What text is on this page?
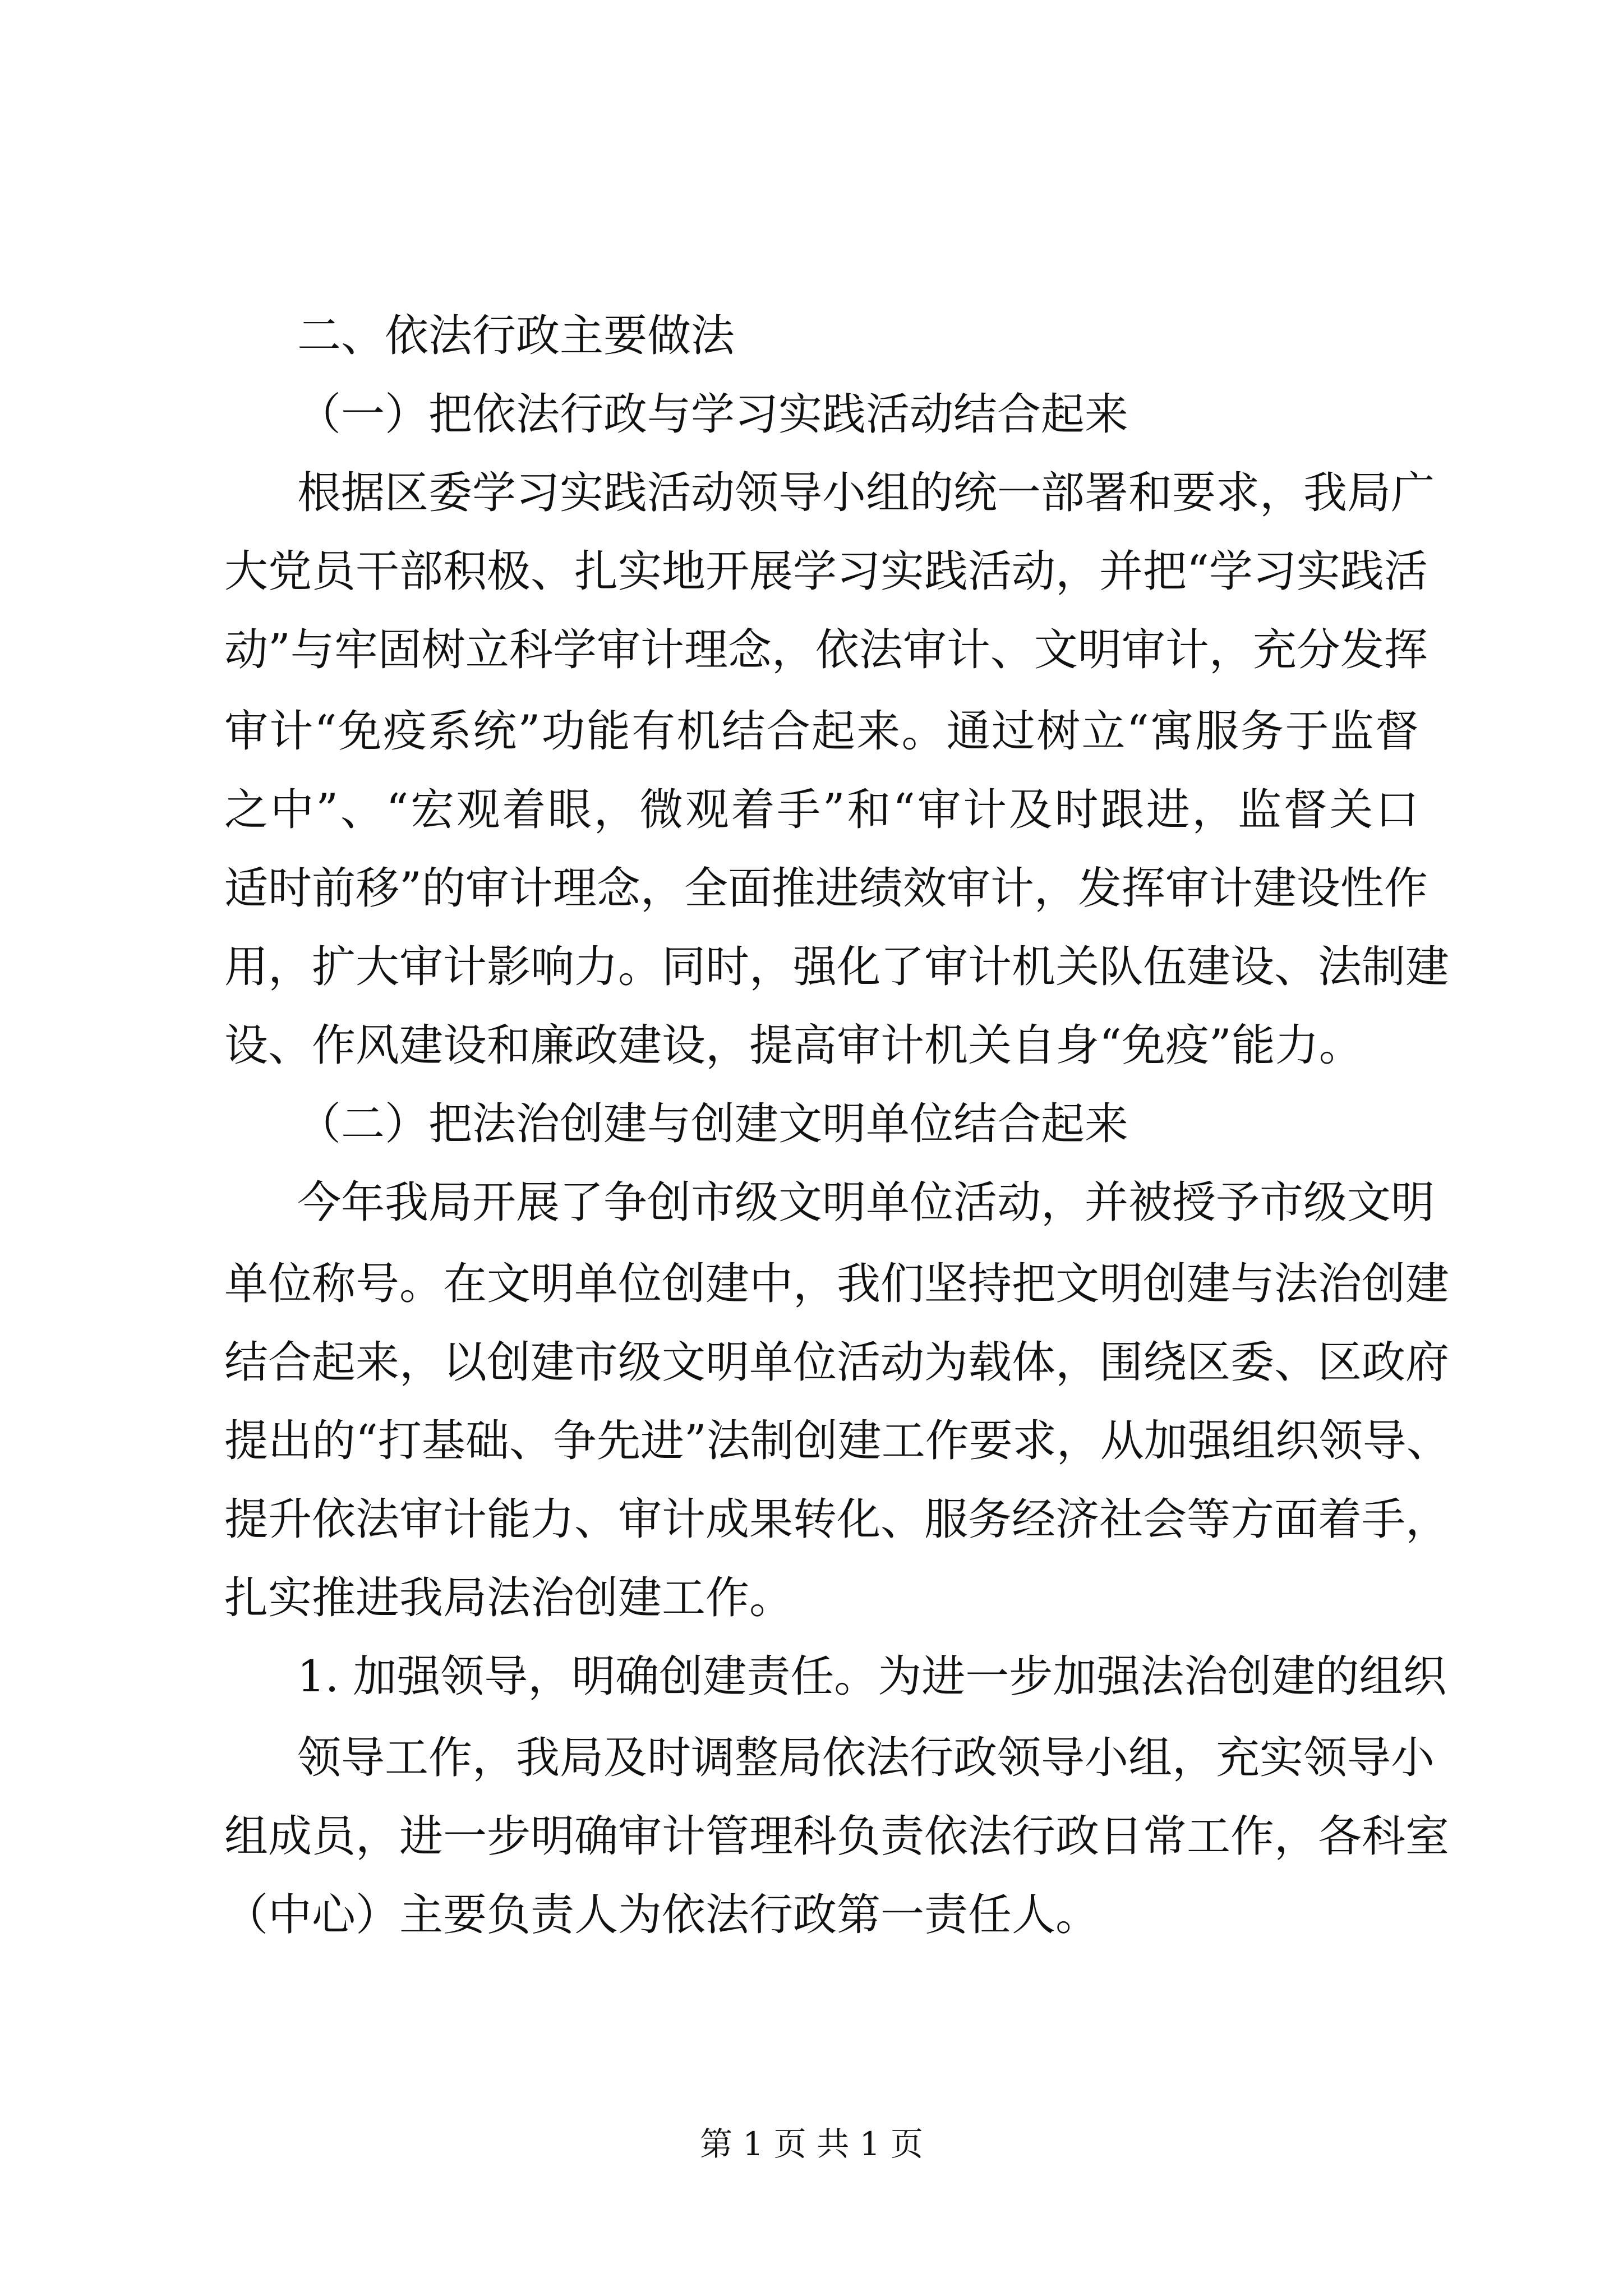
二、依法行政主要做法
（一）把依法行政与学习实践活动结合起来
根据区委学习实践活动领导小组的统一部署和要求，我局广
大党员干部积极、扎实地开展学习实践活动，并把“学习实践活
动”与牢固树立科学审计理念，依法审计、文明审计，充分发挥
审计“免疫系统”功能有机结合起来。通过树立“寓服务于监督
之中”、“宏观着眼，微观着手”和“审计及时跟进，监督关口
适时前移”的审计理念，全面推进绩效审计，发挥审计建设性作
用，扩大审计影响力。同时，强化了审计机关队伍建设、法制建
设、作风建设和廉政建设，提高审计机关自身“免疫”能力。
（二）把法治创建与创建文明单位结合起来
今年我局开展了争创市级文明单位活动，并被授予市级文明
单位称号。在文明单位创建中，我们坚持把文明创建与法治创建
结合起来，以创建市级文明单位活动为载体，围绕区委、区政府
提出的“打基础、争先进”法制创建工作要求，从加强组织领导、
提升依法审计能力、审计成果转化、服务经济社会等方面着手，
扎实推进我局法治创建工作。
1. 加强领导，明确创建责任。为进一步加强法治创建的组织
领导工作，我局及时调整局依法行政领导小组，充实领导小
组成员，进一步明确审计管理科负责依法行政日常工作，各科室
（中心）主要负责人为依法行政第一责任人。
第 1 页 共 1 页
